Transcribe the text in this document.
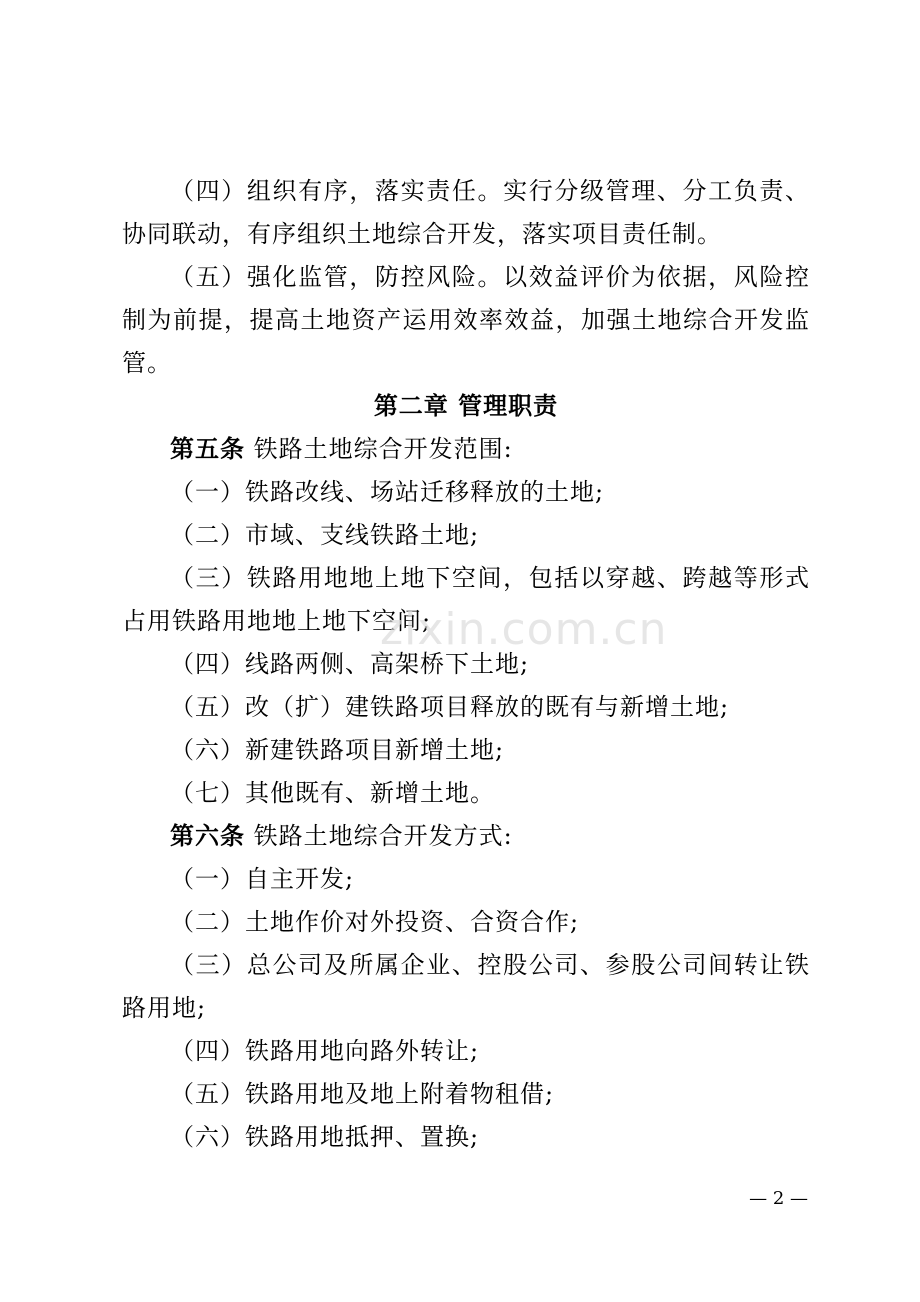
（四）组织有序，落实责任。实行分级管理、分工负责、协同联动，有序组织土地综合开发，落实项目责任制。

（五）强化监管，防控风险。以效益评价为依据，风险控制为前提，提高土地资产运用效率效益，加强土地综合开发监管。

第二章 管理职责

第五条 铁路土地综合开发范围:

（一）铁路改线、场站迁移释放的土地;

（二）市域、支线铁路土地;

（三）铁路用地地上地下空间，包括以穿越、跨越等形式占用铁路用地地上地下空间;

（四）线路两侧、高架桥下土地;

（五）改（扩）建铁路项目释放的既有与新增土地;

（六）新建铁路项目新增土地;

（七）其他既有、新增土地。

第六条 铁路土地综合开发方式:

（一）自主开发;

（二）土地作价对外投资、合资合作;

（三）总公司及所属企业、控股公司、参股公司间转让铁路用地;

（四）铁路用地向路外转让;

（五）铁路用地及地上附着物租借;

（六）铁路用地抵押、置换;

zixin.com.cn
— 2 —
